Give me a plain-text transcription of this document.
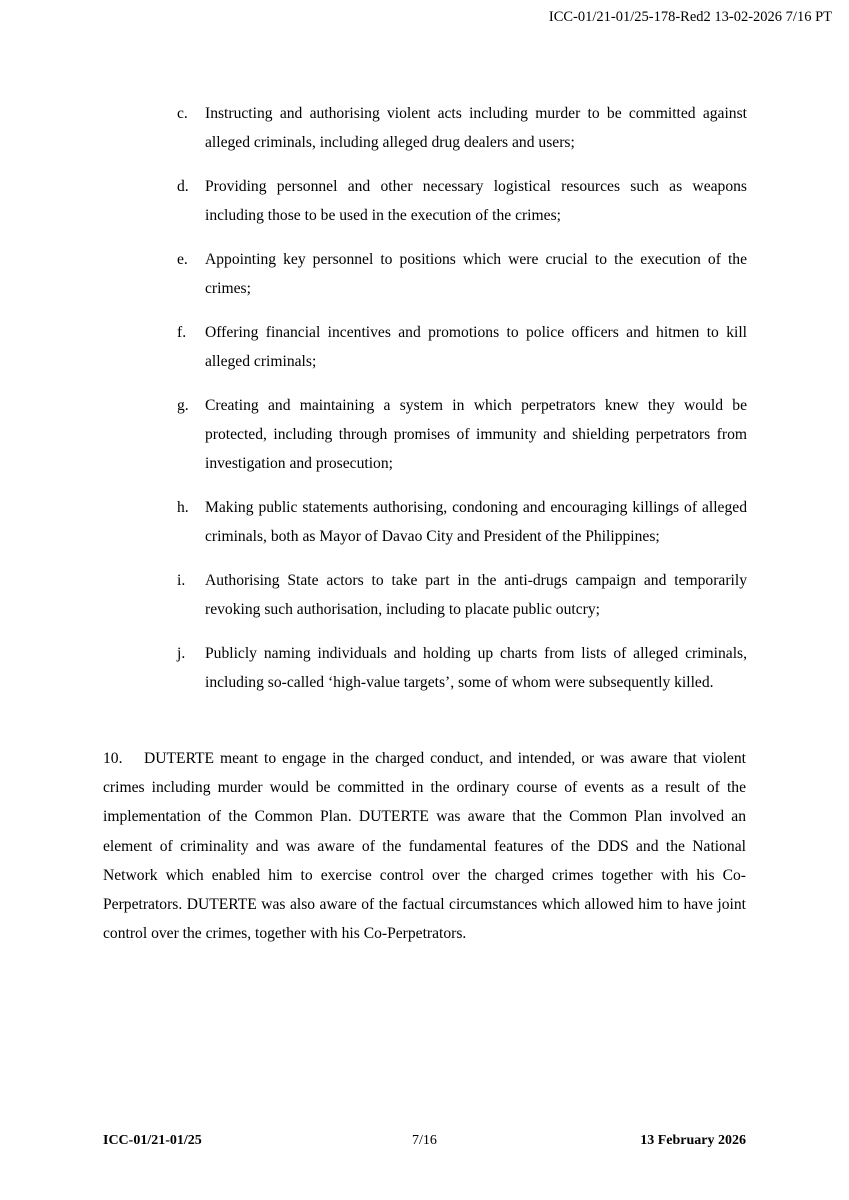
ICC-01/21-01/25-178-Red2 13-02-2026 7/16 PT
c.	Instructing and authorising violent acts including murder to be committed against alleged criminals, including alleged drug dealers and users;
d.	Providing personnel and other necessary logistical resources such as weapons including those to be used in the execution of the crimes;
e.	Appointing key personnel to positions which were crucial to the execution of the crimes;
f.	Offering financial incentives and promotions to police officers and hitmen to kill alleged criminals;
g.	Creating and maintaining a system in which perpetrators knew they would be protected, including through promises of immunity and shielding perpetrators from investigation and prosecution;
h.	Making public statements authorising, condoning and encouraging killings of alleged criminals, both as Mayor of Davao City and President of the Philippines;
i.	Authorising State actors to take part in the anti-drugs campaign and temporarily revoking such authorisation, including to placate public outcry;
j.	Publicly naming individuals and holding up charts from lists of alleged criminals, including so-called ‘high-value targets’, some of whom were subsequently killed.

10. DUTERTE meant to engage in the charged conduct, and intended, or was aware that violent crimes including murder would be committed in the ordinary course of events as a result of the implementation of the Common Plan. DUTERTE was aware that the Common Plan involved an element of criminality and was aware of the fundamental features of the DDS and the National Network which enabled him to exercise control over the charged crimes together with his Co-Perpetrators. DUTERTE was also aware of the factual circumstances which allowed him to have joint control over the crimes, together with his Co-Perpetrators.

ICC-01/21-01/25	7/16	13 February 2026
